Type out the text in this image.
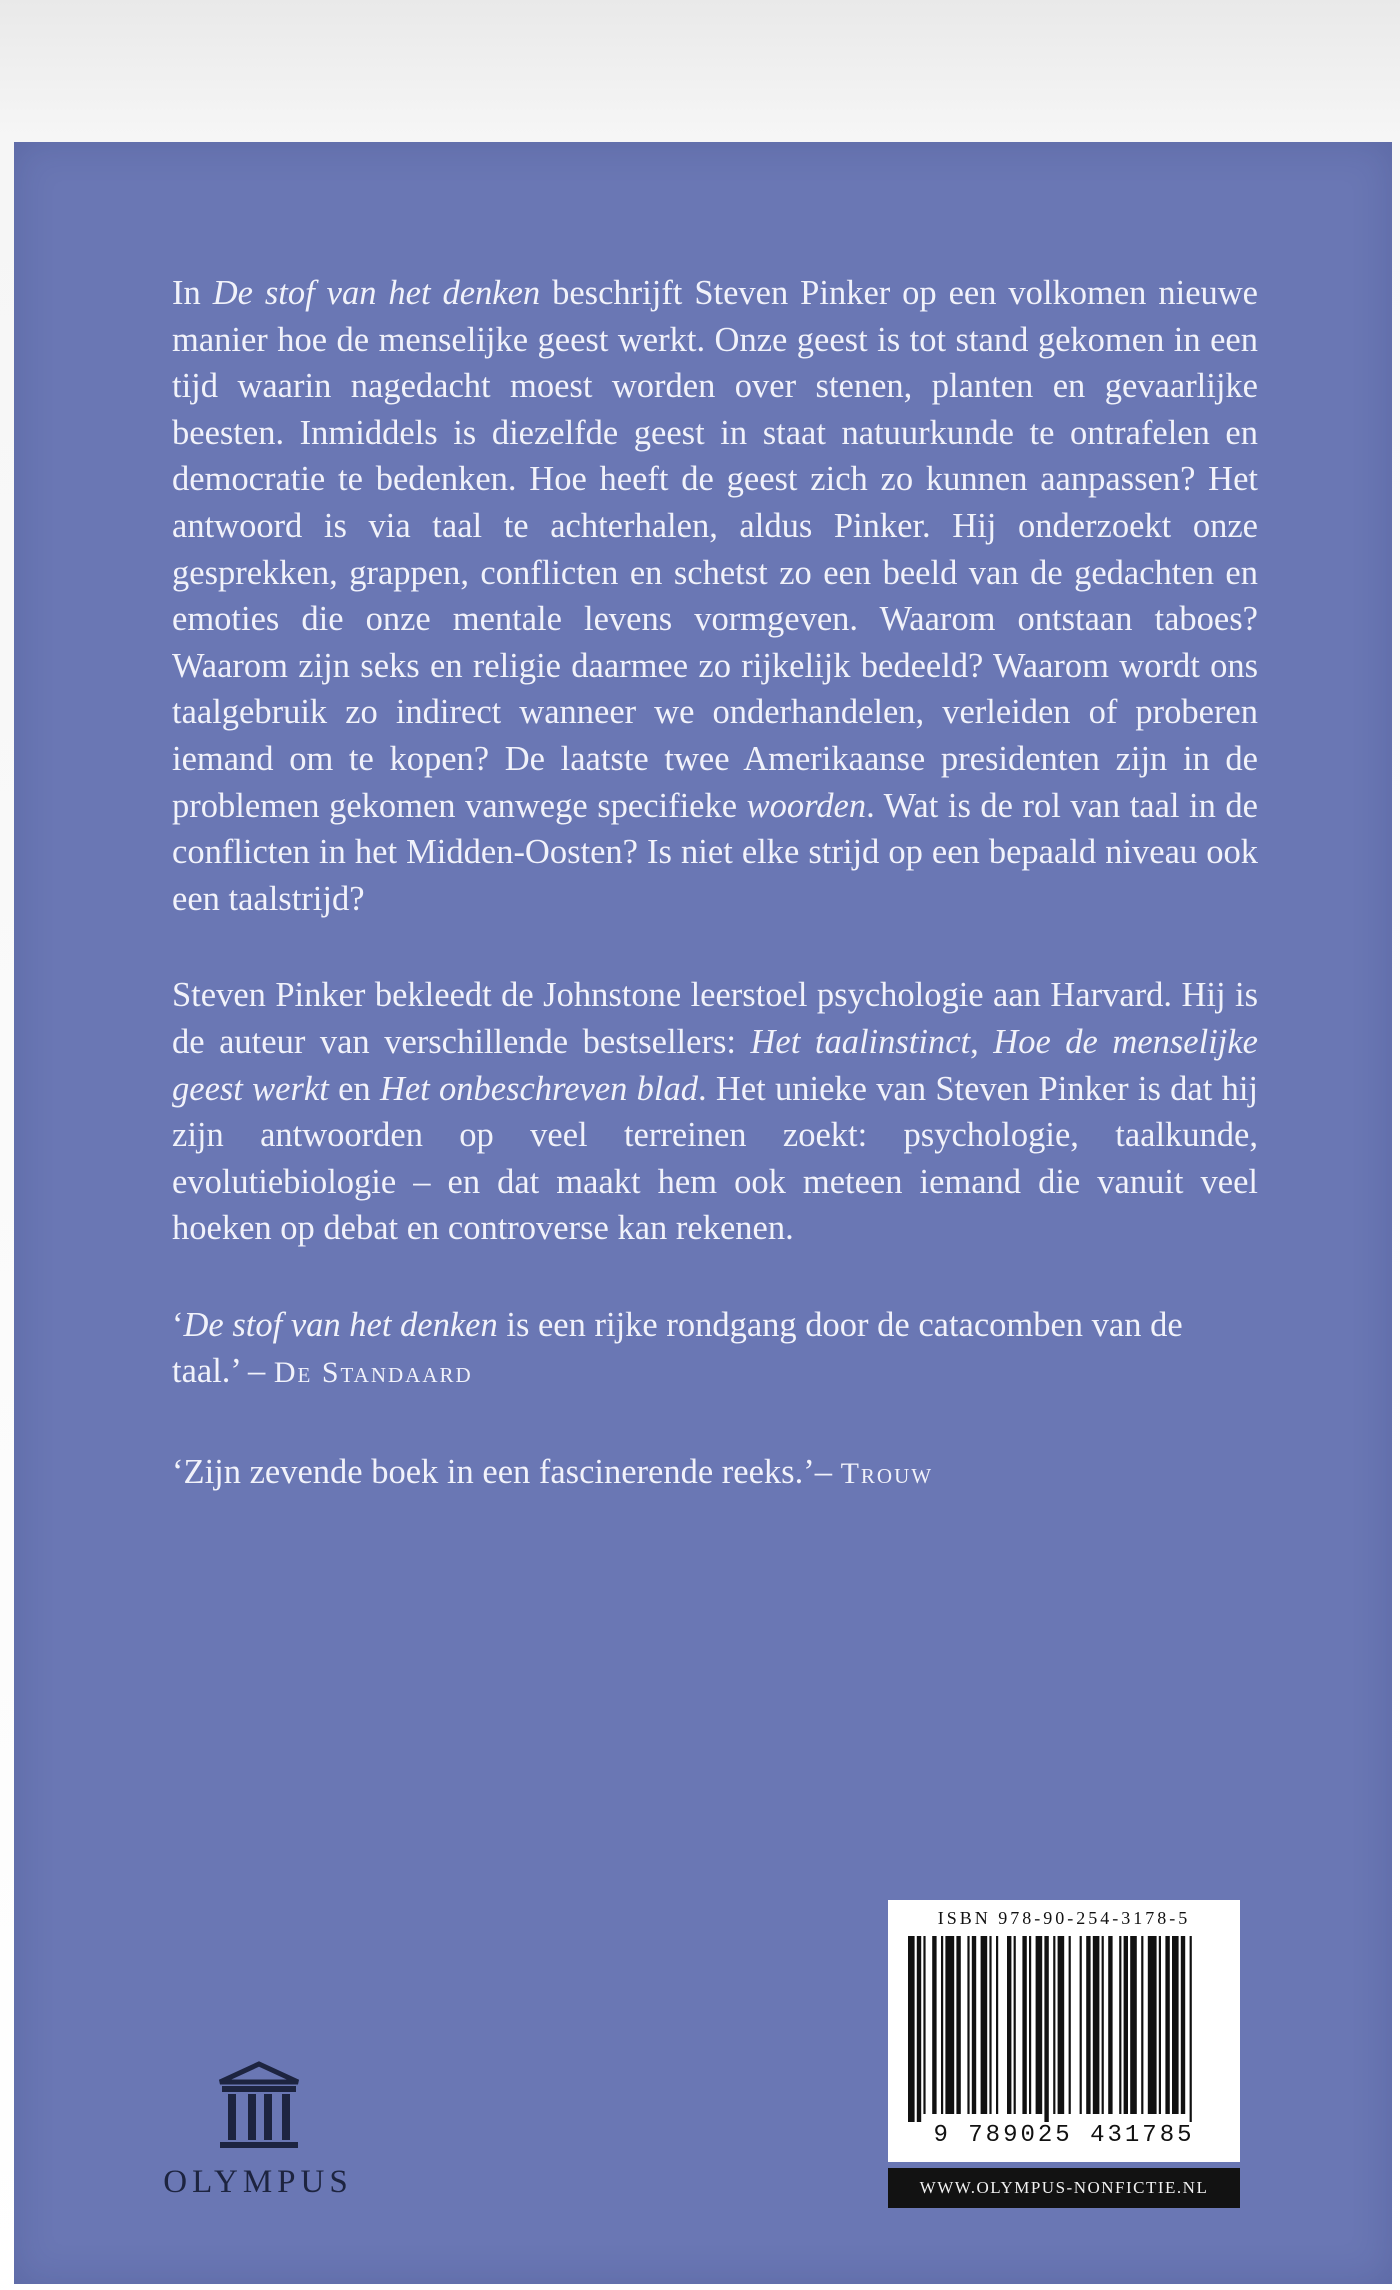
In De stof van het denken beschrijft Steven Pinker op een volkomen nieuwe manier hoe de menselijke geest werkt. Onze geest is tot stand gekomen in een tijd waarin nagedacht moest worden over stenen, planten en gevaarlijke beesten. Inmiddels is diezelfde geest in staat natuurkunde te ontrafelen en democratie te bedenken. Hoe heeft de geest zich zo kunnen aanpassen? Het antwoord is via taal te achterhalen, aldus Pinker. Hij onderzoekt onze gesprekken, grappen, conflicten en schetst zo een beeld van de gedachten en emoties die onze mentale levens vormgeven. Waarom ontstaan taboes? Waarom zijn seks en religie daarmee zo rijkelijk bedeeld? Waarom wordt ons taalgebruik zo indirect wanneer we onderhandelen, verleiden of proberen iemand om te kopen? De laatste twee Amerikaanse presidenten zijn in de problemen gekomen vanwege specifieke woorden. Wat is de rol van taal in de conflicten in het Midden-Oosten? Is niet elke strijd op een bepaald niveau ook een taalstrijd?

Steven Pinker bekleedt de Johnstone leerstoel psychologie aan Harvard. Hij is de auteur van verschillende bestsellers: Het taalinstinct, Hoe de menselijke geest werkt en Het onbeschreven blad. Het unieke van Steven Pinker is dat hij zijn antwoorden op veel terreinen zoekt: psychologie, taalkunde, evolutiebiologie – en dat maakt hem ook meteen iemand die vanuit veel hoeken op debat en controverse kan rekenen.

‘De stof van het denken is een rijke rondgang door de catacomben van de taal.’ – De Standaard

‘Zijn zevende boek in een fascinerende reeks.’– Trouw

OLYMPUS
ISBN 978-90-254-3178-5
9 789025 431785
WWW.OLYMPUS-NONFICTIE.NL
